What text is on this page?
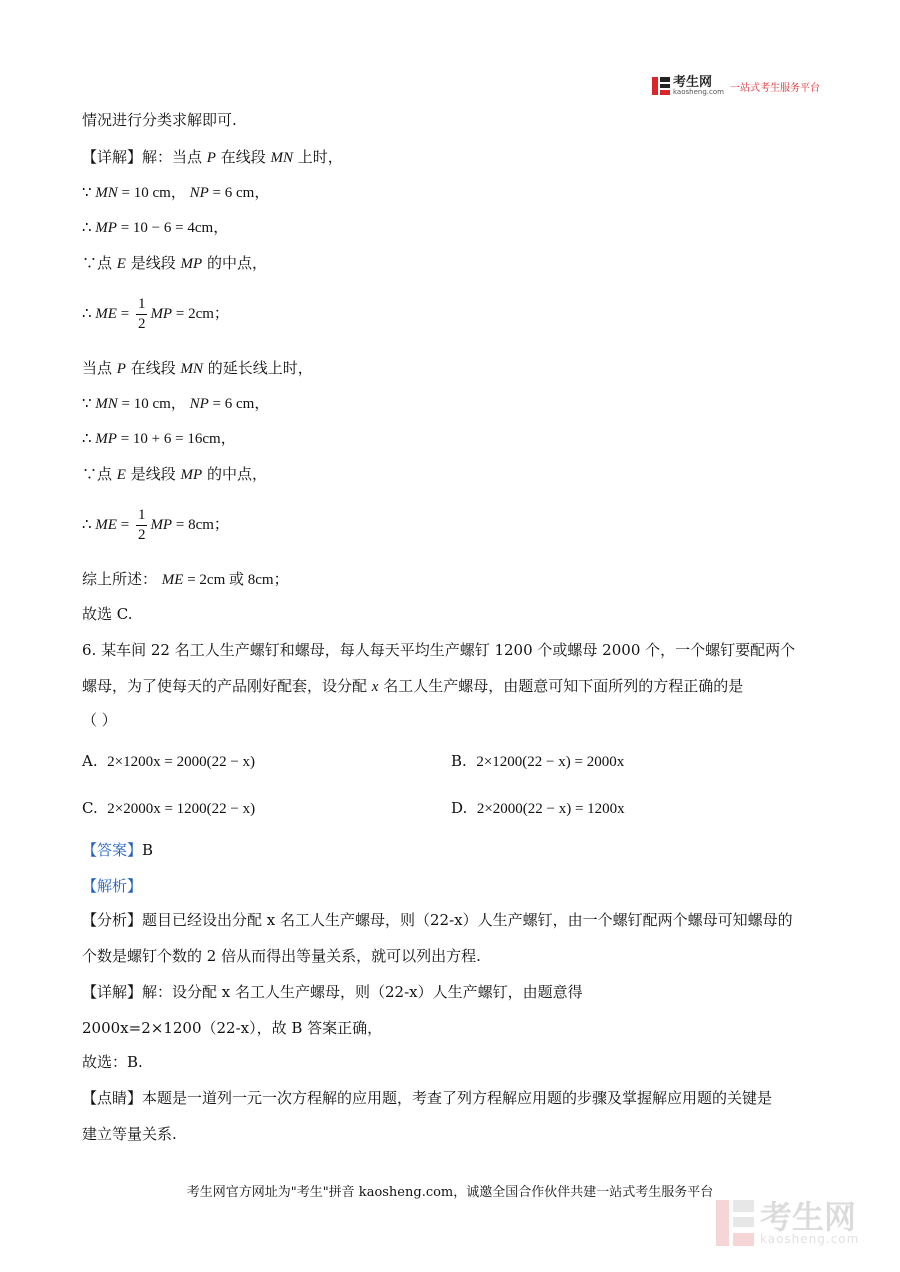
考生网
kaosheng.com 一站式考生服务平台
情况进行分类求解即可.
【详解】解：当点 P 在线段 MN 上时，
∵ MN = 10 cm， NP = 6 cm，
∴ MP = 10 − 6 = 4cm，
∵点 E 是线段 MP 的中点，
∴ ME = $\frac{1}{2}$ MP = 2cm；
当点 P 在线段 MN 的延长线上时，
∵ MN = 10 cm， NP = 6 cm，
∴ MP = 10 + 6 = 16cm，
∵点 E 是线段 MP 的中点，
∴ ME = $\frac{1}{2}$ MP = 8cm；
综上所述： ME = 2cm 或 8cm；
故选 C.
6. 某车间 22 名工人生产螺钉和螺母，每人每天平均生产螺钉 1200 个或螺母 2000 个，一个螺钉要配两个
螺母，为了使每天的产品刚好配套，设分配 x 名工人生产螺母，由题意可知下面所列的方程正确的是
（ ）
A. 2×1200x = 2000(22 − x)	B. 2×1200(22 − x) = 2000x
C. 2×2000x = 1200(22 − x)	D. 2×2000(22 − x) = 1200x
【答案】B
【解析】
【分析】题目已经设出分配 x 名工人生产螺母，则（22-x）人生产螺钉，由一个螺钉配两个螺母可知螺母的
个数是螺钉个数的 2 倍从而得出等量关系，就可以列出方程.
【详解】解：设分配 x 名工人生产螺母，则（22-x）人生产螺钉，由题意得
2000x=2×1200（22-x），故 B 答案正确，
故选：B.
【点睛】本题是一道列一元一次方程解的应用题，考查了列方程解应用题的步骤及掌握解应用题的关键是
建立等量关系.
考生网官方网址为"考生"拼音 kaosheng.com，诚邀全国合作伙伴共建一站式考生服务平台
考生网
kaosheng.com
